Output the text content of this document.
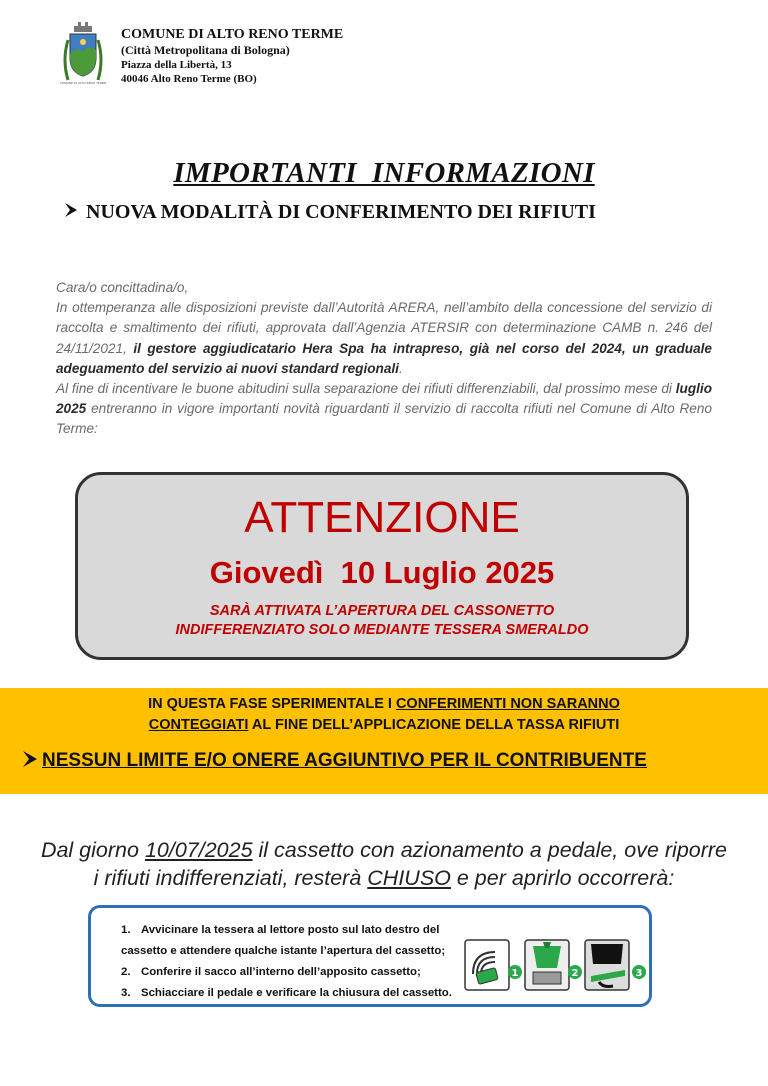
COMUNE DI ALTO RENO TERME
COMUNE DI ALTO RENO TERME
(Città Metropolitana di Bologna)
Piazza della Libertà, 13
40046 Alto Reno Terme (BO)
IMPORTANTI  INFORMAZIONI
NUOVA MODALITÀ DI CONFERIMENTO DEI RIFIUTI

Cara/o concittadina/o,

In ottemperanza alle disposizioni previste dall’Autorità ARERA, nell’ambito della concessione del servizio di raccolta e smaltimento dei rifiuti, approvata dall’Agenzia ATERSIR con determinazione CAMB n. 246 del 24/11/2021, il gestore aggiudicatario Hera Spa ha intrapreso, già nel corso del 2024, un graduale adeguamento del servizio ai nuovi standard regionali.

Al fine di incentivare le buone abitudini sulla separazione dei rifiuti differenziabili, dal prossimo mese di luglio 2025 entreranno in vigore importanti novità riguardanti il servizio di raccolta rifiuti nel Comune di Alto Reno Terme:

ATTENZIONE
Giovedì  10 Luglio 2025
SARÀ ATTIVATA L’APERTURA DEL CASSONETTO
INDIFFERENZIATO SOLO MEDIANTE TESSERA SMERALDO
IN QUESTA FASE SPERIMENTALE I CONFERIMENTI NON SARANNO
CONTEGGIATI AL FINE DELL’APPLICAZIONE DELLA TASSA RIFIUTI
NESSUN LIMITE E/O ONERE AGGIUNTIVO PER IL CONTRIBUENTE
Dal giorno 10/07/2025 il cassetto con azionamento a pedale, ove riporre
i rifiuti indifferenziati, resterà CHIUSO e per aprirlo occorrerà:
1. Avvicinare la tessera al lettore posto sul lato destro del
cassetto e attendere qualche istante l’apertura del cassetto;
2. Conferire il sacco all’interno dell’apposito cassetto;
3. Schiacciare il pedale e verificare la chiusura del cassetto.
1	2	3
